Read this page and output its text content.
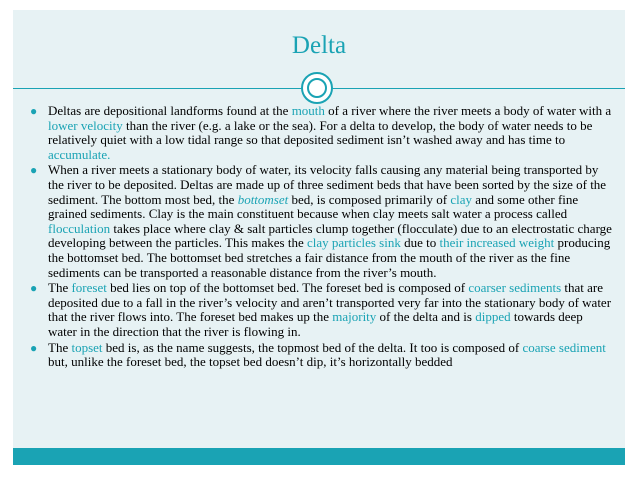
Delta
● Deltas are depositional landforms found at the mouth of a river where the river meets a body of water with a lower velocity than the river (e.g. a lake or the sea). For a delta to develop, the body of water needs to be relatively quiet with a low tidal range so that deposited sediment isn’t washed away and has time to accumulate.
● When a river meets a stationary body of water, its velocity falls causing any material being transported by the river to be deposited. Deltas are made up of three sediment beds that have been sorted by the size of the sediment. The bottom most bed, the bottomset bed, is composed primarily of clay and some other fine grained sediments. Clay is the main constituent because when clay meets salt water a process called flocculation takes place where clay & salt particles clump together (flocculate) due to an electrostatic charge developing between the particles. This makes the clay particles sink due to their increased weight producing the bottomset bed. The bottomset bed stretches a fair distance from the mouth of the river as the fine sediments can be transported a reasonable distance from the river’s mouth.
● The foreset bed lies on top of the bottomset bed. The foreset bed is composed of coarser sediments that are deposited due to a fall in the river’s velocity and aren’t transported very far into the stationary body of water that the river flows into. The foreset bed makes up the majority of the delta and is dipped towards deep water in the direction that the river is flowing in.
● The topset bed is, as the name suggests, the topmost bed of the delta. It too is composed of coarse sediment but, unlike the foreset bed, the topset bed doesn’t dip, it’s horizontally bedded
